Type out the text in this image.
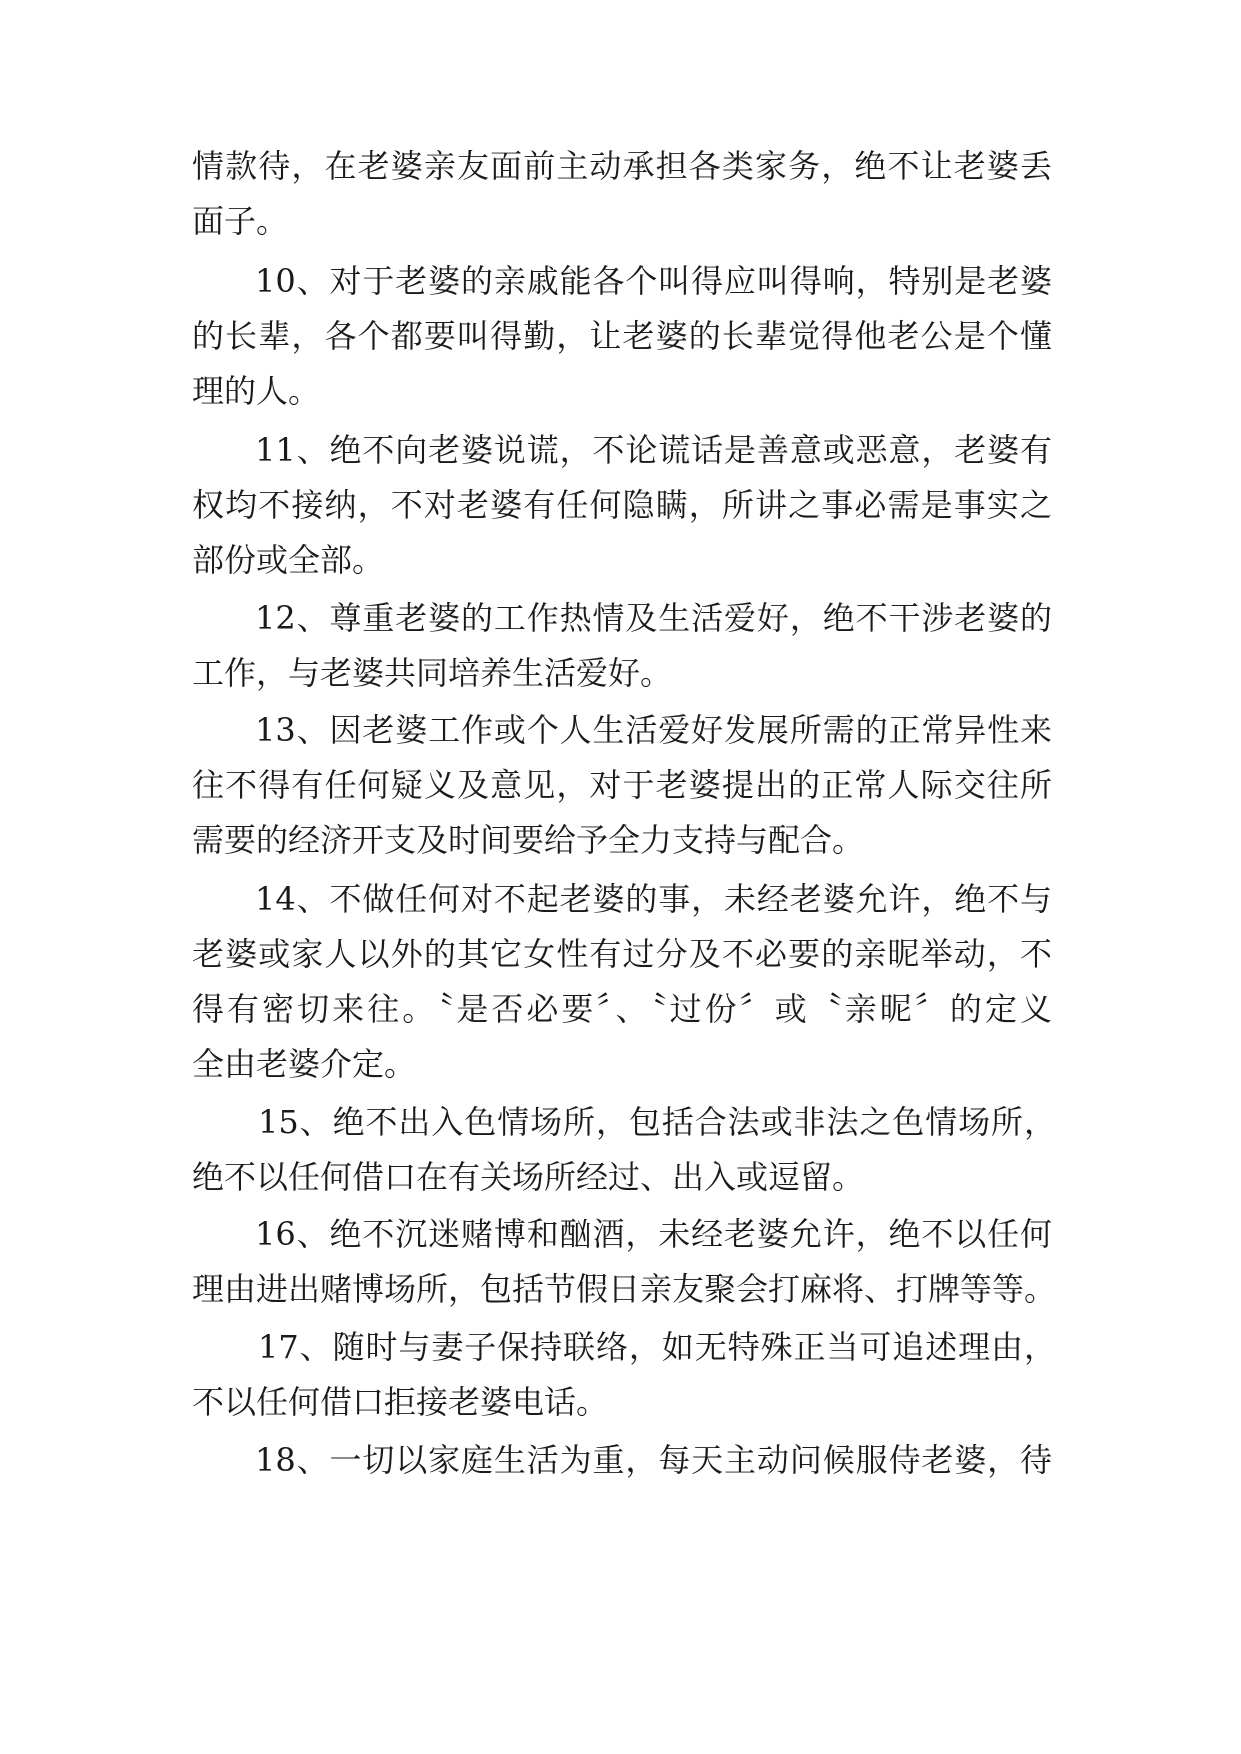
情款待，在老婆亲友面前主动承担各类家务，绝不让老婆丢
面子。
10、对于老婆的亲戚能各个叫得应叫得响，特别是老婆
的长辈，各个都要叫得勤，让老婆的长辈觉得他老公是个懂
理的人。
11、绝不向老婆说谎，不论谎话是善意或恶意，老婆有
权均不接纳，不对老婆有任何隐瞒，所讲之事必需是事实之
部份或全部。
12、尊重老婆的工作热情及生活爱好，绝不干涉老婆的
工作，与老婆共同培养生活爱好。
13、因老婆工作或个人生活爱好发展所需的正常异性来
往不得有任何疑义及意见，对于老婆提出的正常人际交往所
需要的经济开支及时间要给予全力支持与配合。
14、不做任何对不起老婆的事，未经老婆允许，绝不与
老婆或家人以外的其它女性有过分及不必要的亲昵举动，不
得有密切来往。〝是否必要〞、〝过份〞或〝亲昵〞的定义
全由老婆介定。
15、绝不出入色情场所，包括合法或非法之色情场所，
绝不以任何借口在有关场所经过、出入或逗留。
16、绝不沉迷赌博和酗酒，未经老婆允许，绝不以任何
理由进出赌博场所，包括节假日亲友聚会打麻将、打牌等等。
17、随时与妻子保持联络，如无特殊正当可追述理由，
不以任何借口拒接老婆电话。
18、一切以家庭生活为重，每天主动问候服侍老婆，待
